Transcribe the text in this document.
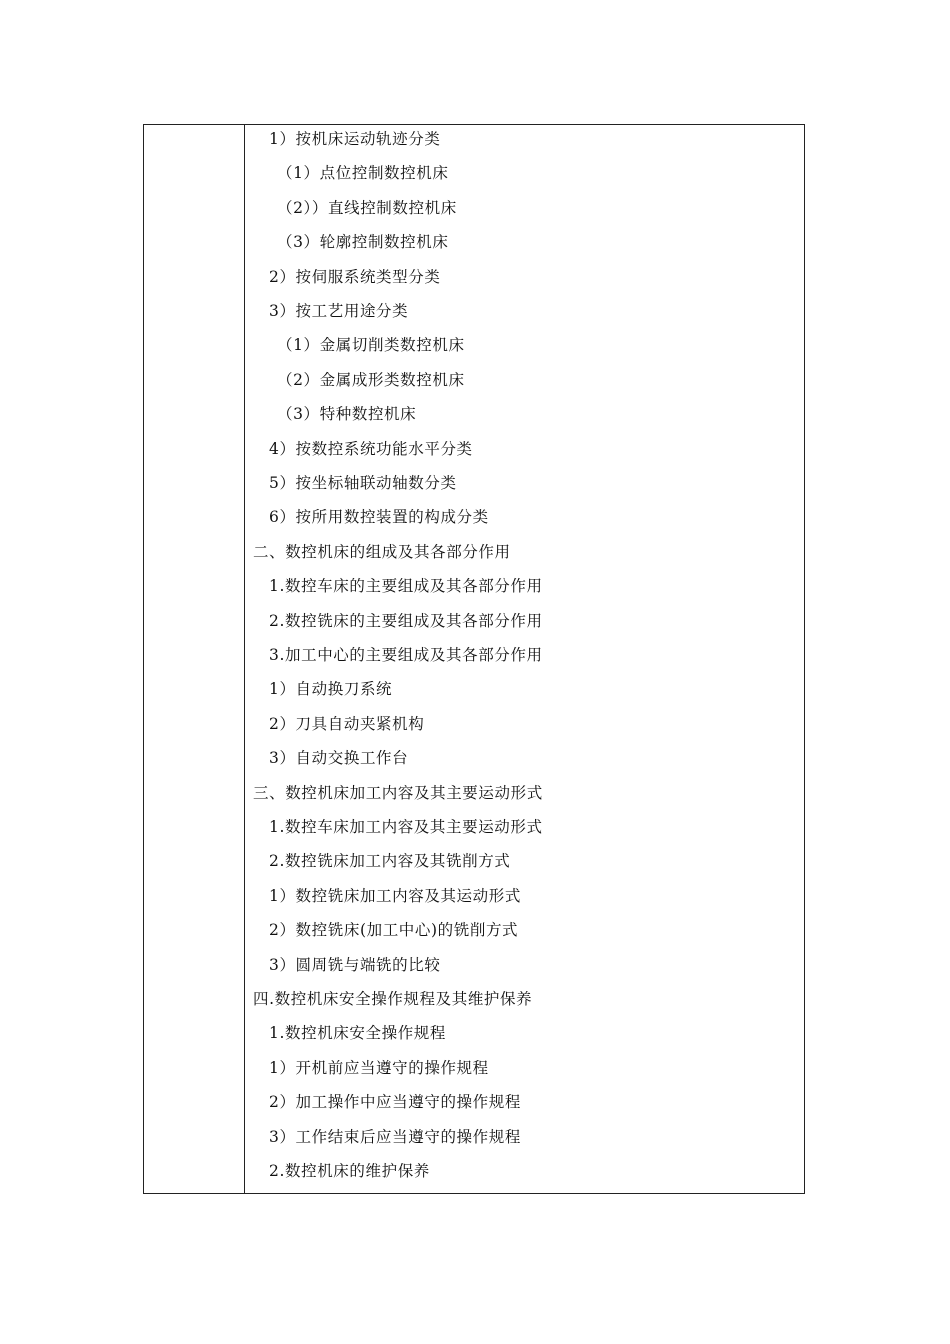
1）按机床运动轨迹分类
（1）点位控制数控机床
（2））直线控制数控机床
（3）轮廓控制数控机床
2）按伺服系统类型分类
3）按工艺用途分类
（1）金属切削类数控机床
（2）金属成形类数控机床
（3）特种数控机床
4）按数控系统功能水平分类
5）按坐标轴联动轴数分类
6）按所用数控装置的构成分类
二、数控机床的组成及其各部分作用
1.数控车床的主要组成及其各部分作用
2.数控铣床的主要组成及其各部分作用
3.加工中心的主要组成及其各部分作用
1）自动换刀系统
2）刀具自动夹紧机构
3）自动交换工作台
三、数控机床加工内容及其主要运动形式
1.数控车床加工内容及其主要运动形式
2.数控铣床加工内容及其铣削方式
1）数控铣床加工内容及其运动形式
2）数控铣床(加工中心)的铣削方式
3）圆周铣与端铣的比较
四.数控机床安全操作规程及其维护保养
1.数控机床安全操作规程
1）开机前应当遵守的操作规程
2）加工操作中应当遵守的操作规程
3）工作结束后应当遵守的操作规程
2.数控机床的维护保养
